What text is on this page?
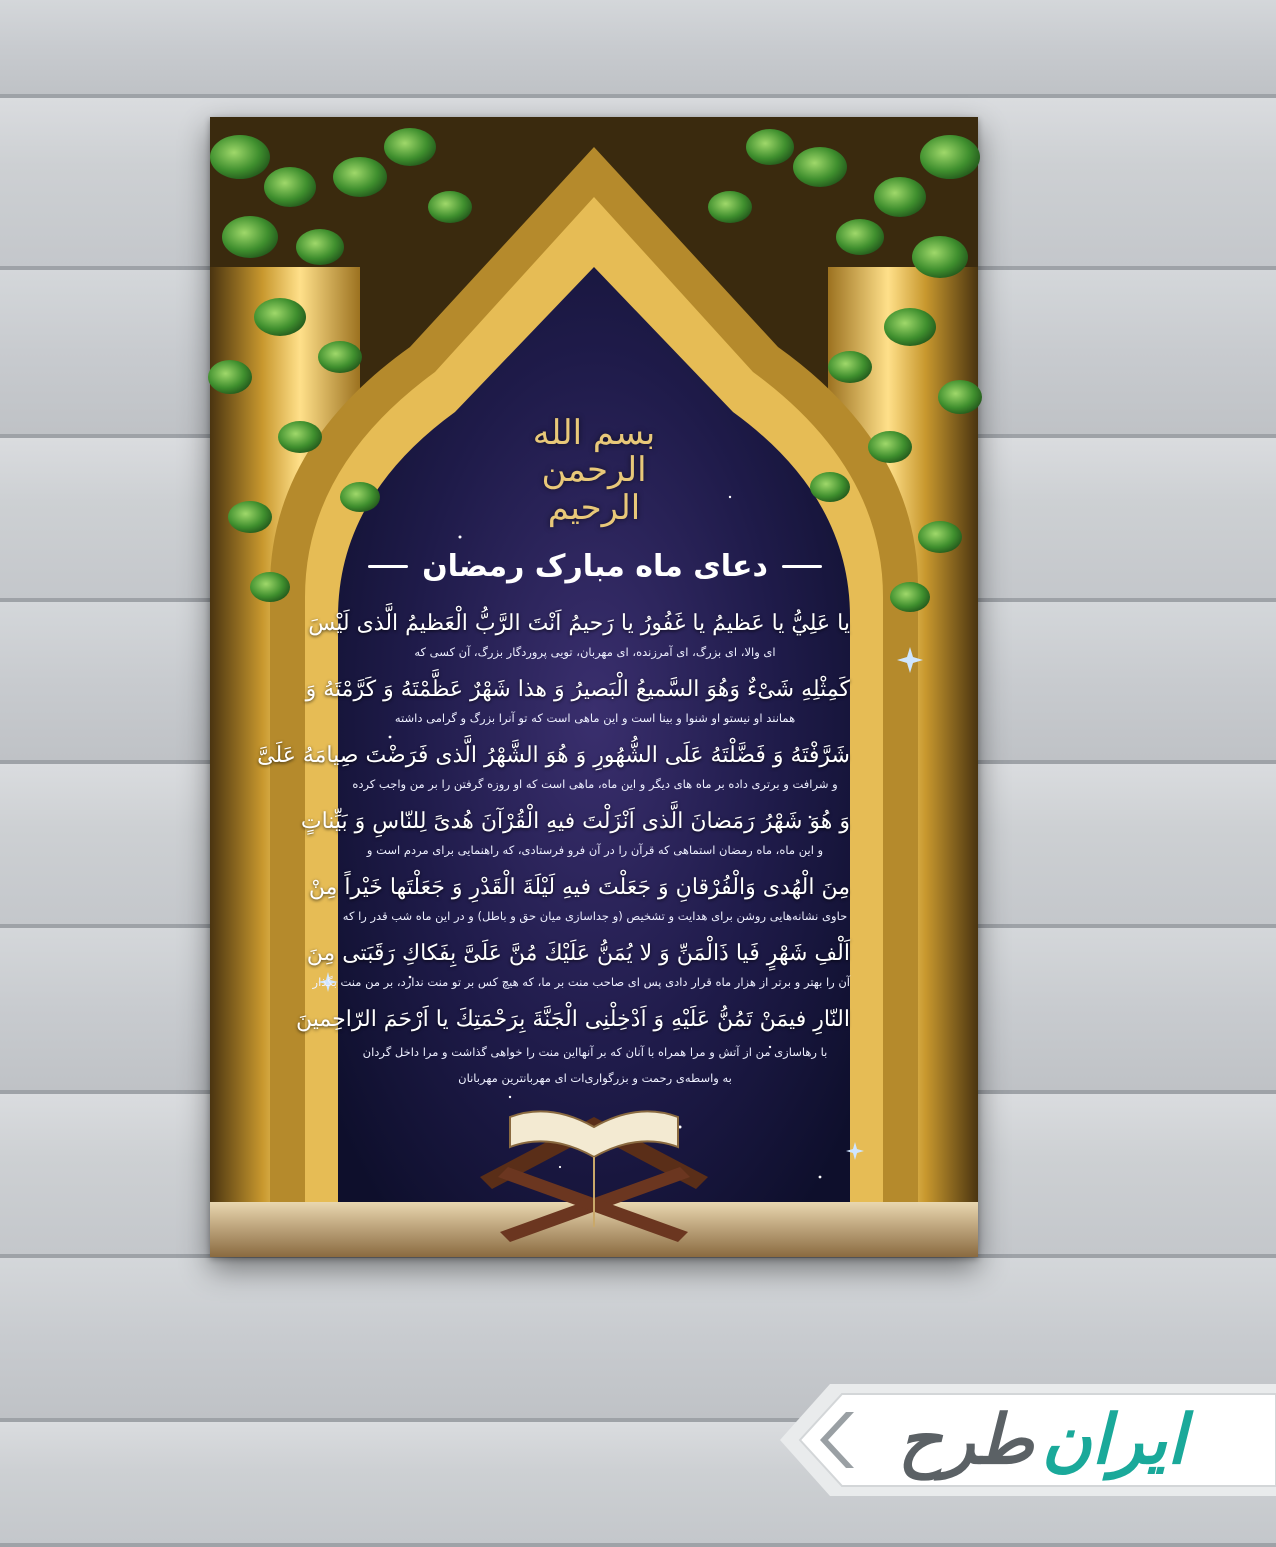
بسم الله الرحمن الرحيم
دعای ماه مبارک رمضان
يا عَلِيُّ يا عَظيمُ يا غَفُورُ يا رَحيمُ اَنْتَ الرَّبُّ الْعَظيمُ الَّذى لَيْسَ
ای والا، ای بزرگ، ای آمرزنده، ای مهربان، تویی پروردگار بزرگ، آن کسی که
كَمِثْلِهِ شَىْءٌ وَهُوَ السَّميعُ الْبَصيرُ وَ هذا شَهْرٌ عَظَّمْتَهُ وَ كَرَّمْتَهُ وَ
همانند او نیستو او شنوا و بینا است و این ماهی است که تو آنرا بزرگ و گرامی داشته
شَرَّفْتَهُ وَ فَضَّلْتَهُ عَلَى الشُّهُورِ وَ هُوَ الشَّهْرُ الَّذى فَرَضْتَ صِيامَهُ عَلَىَّ
و شرافت و برتری داده بر ماه های دیگر و این ماه، ماهی است که او روزه گرفتن را بر من واجب کرده
وَ هُوَ شَهْرُ رَمَضانَ الَّذى اَنْزَلْتَ فيهِ الْقُرْآنَ هُدىً لِلنّاسِ وَ بَيِّناتٍ
و این ماه، ماه رمضان استماهی که قرآن را در آن فرو فرستادی، که راهنمایی برای مردم است و
مِنَ الْهُدى وَالْفُرْقانِ وَ جَعَلْتَ فيهِ لَيْلَةَ الْقَدْرِ وَ جَعَلْتَها خَيْراً مِنْ
حاوی نشانه‌هایی روشن برای هدایت و تشخیص (و جداسازی میان حق و باطل) و در این ماه شب قدر را که
اَلْفِ شَهْرٍ فَيا ذَالْمَنِّ وَ لا يُمَنُّ عَلَيْكَ مُنَّ عَلَىَّ بِفَكاكِ رَقَبَتى مِنَ
آن را بهتر و برتر از هزار ماه قرار دادی پس ای صاحب منت بر ما، که هیچ کس بر تو منت ندارد، بر من منت بگذار
النّارِ فيمَنْ تَمُنُّ عَلَيْهِ وَ اَدْخِلْنِى الْجَنَّةَ بِرَحْمَتِكَ يا اَرْحَمَ الرّاحِمينَ
با رهاسازی من از آتش و مرا همراه با آنان که بر آنهااین منت را خواهی گذاشت و مرا داخل گردان
به واسطه‌ی رحمت و بزرگواری‌ات ای مهربانترین مهربانان
ایران
طرح
